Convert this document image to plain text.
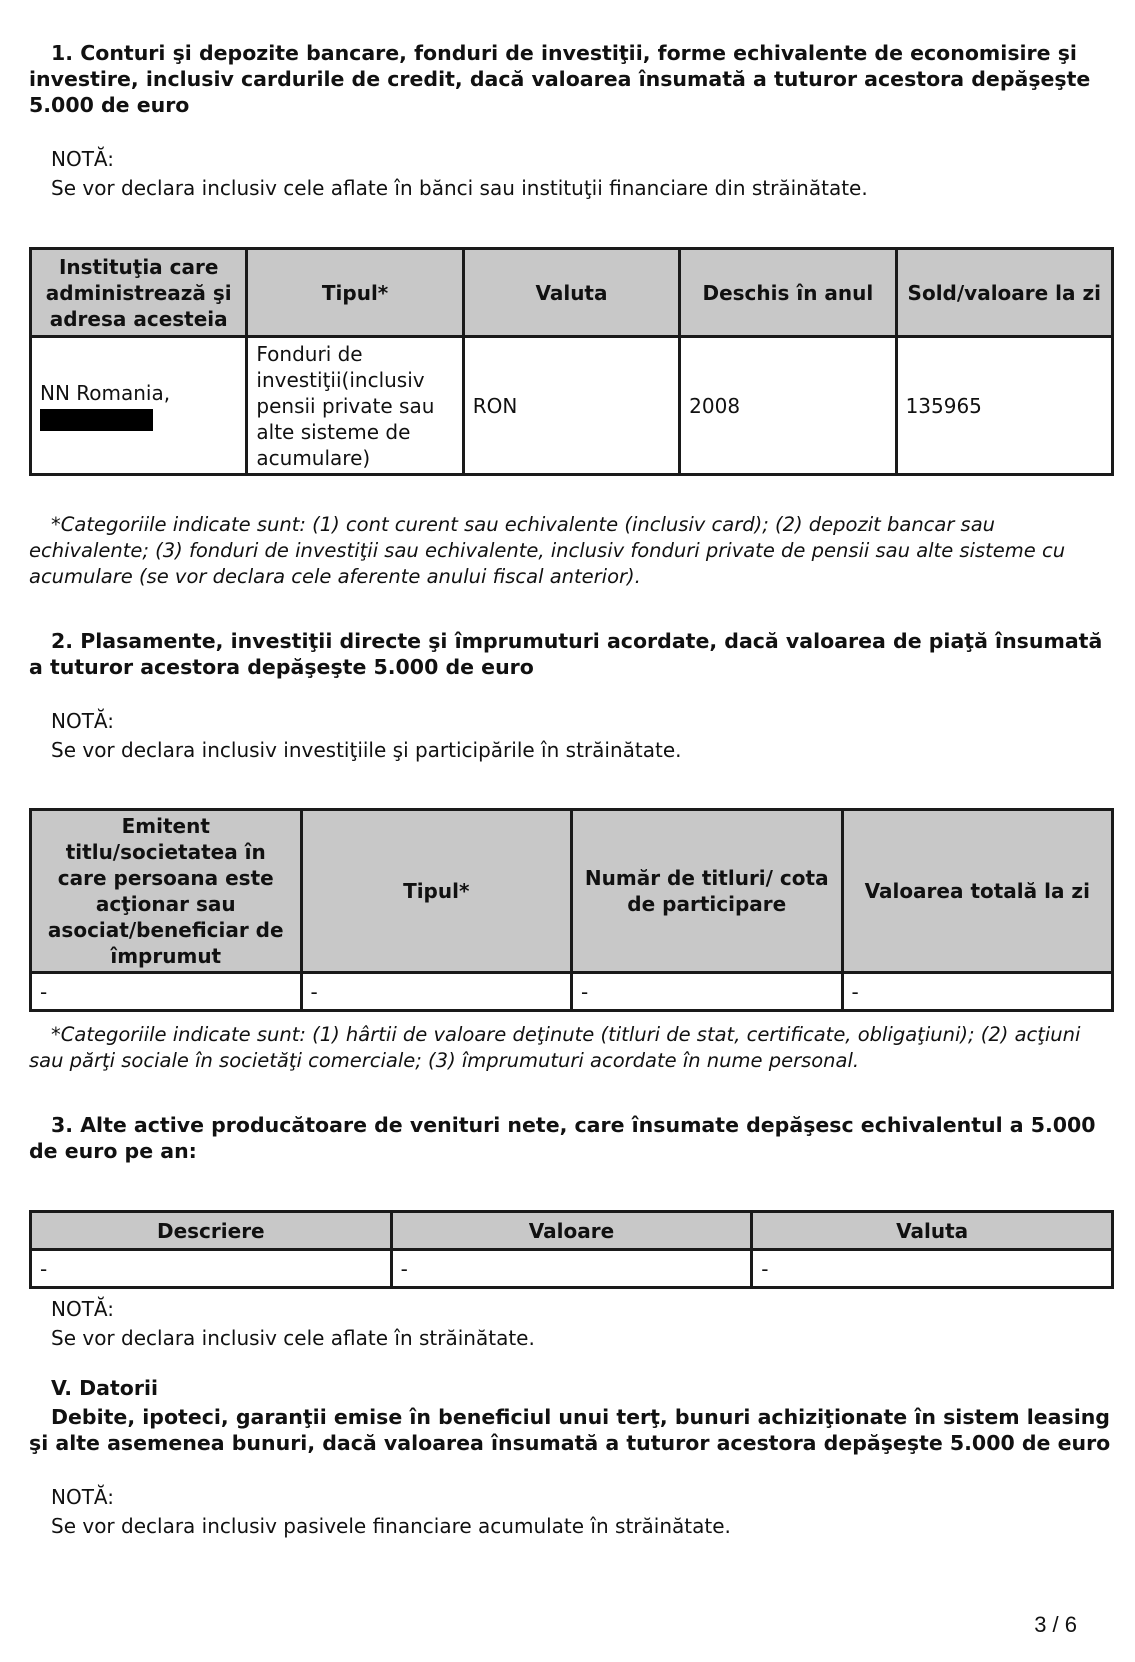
1. Conturi şi depozite bancare, fonduri de investiţii, forme echivalente de economisire şi investire, inclusiv cardurile de credit, dacă valoarea însumată a tuturor acestora depăşeşte 5.000 de euro

NOTĂ:

Se vor declara inclusiv cele aflate în bănci sau instituţii financiare din străinătate.

Instituţia care administrează şi adresa acesteia	Tipul*	Valuta	Deschis în anul	Sold/valoare la zi
NN Romania,	Fonduri de investiţii(inclusiv pensii private sau alte sisteme de acumulare)	RON	2008	135965

*Categoriile indicate sunt: (1) cont curent sau echivalente (inclusiv card); (2) depozit bancar sau echivalente; (3) fonduri de investiţii sau echivalente, inclusiv fonduri private de pensii sau alte sisteme cu acumulare (se vor declara cele aferente anului fiscal anterior).

2. Plasamente, investiţii directe şi împrumuturi acordate, dacă valoarea de piaţă însumată a tuturor acestora depăşeşte 5.000 de euro

NOTĂ:

Se vor declara inclusiv investiţiile şi participările în străinătate.

Emitent titlu/societatea în care persoana este acţionar sau asociat/beneficiar de împrumut	Tipul*	Număr de titluri/ cota de participare	Valoarea totală la zi
-	-	-	-

*Categoriile indicate sunt: (1) hârtii de valoare deţinute (titluri de stat, certificate, obligaţiuni); (2) acţiuni sau părţi sociale în societăţi comerciale; (3) împrumuturi acordate în nume personal.

3. Alte active producătoare de venituri nete, care însumate depăşesc echivalentul a 5.000 de euro pe an:

Descriere	Valoare	Valuta
-	-	-

NOTĂ:

Se vor declara inclusiv cele aflate în străinătate.

V. Datorii

Debite, ipoteci, garanţii emise în beneficiul unui terţ, bunuri achiziţionate în sistem leasing şi alte asemenea bunuri, dacă valoarea însumată a tuturor acestora depăşeşte 5.000 de euro

NOTĂ:

Se vor declara inclusiv pasivele financiare acumulate în străinătate.

3 / 6
